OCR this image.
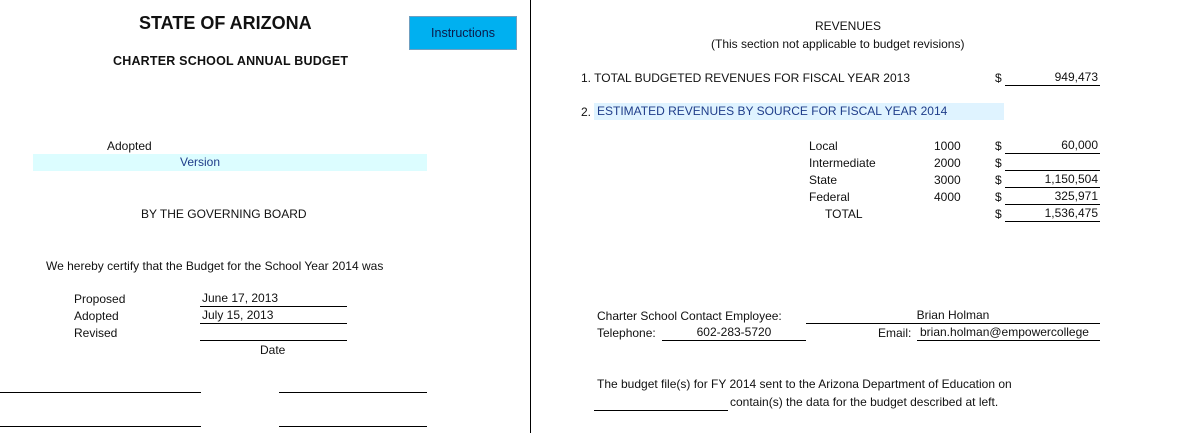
STATE OF ARIZONA
CHARTER SCHOOL ANNUAL BUDGET
Instructions
Adopted
Version
BY THE GOVERNING BOARD
We hereby certify that the Budget for the School Year 2014 was
Proposed	June 17, 2013
Adopted	July 15, 2013
Revised
Date
REVENUES
(This section not applicable to budget revisions)
1. TOTAL BUDGETED REVENUES FOR FISCAL YEAR 2013	$	949,473
2. ESTIMATED REVENUES BY SOURCE FOR FISCAL YEAR 2014
Local	1000	$	60,000
Intermediate	2000	$
State	3000	$	1,150,504
Federal	4000	$	325,971
TOTAL	$	1,536,475
Charter School Contact Employee:	Brian Holman
Telephone:	602-283-5720	Email: brian.holman@empowercollege
The budget file(s) for FY 2014 sent to the Arizona Department of Education on
contain(s) the data for the budget described at left.
